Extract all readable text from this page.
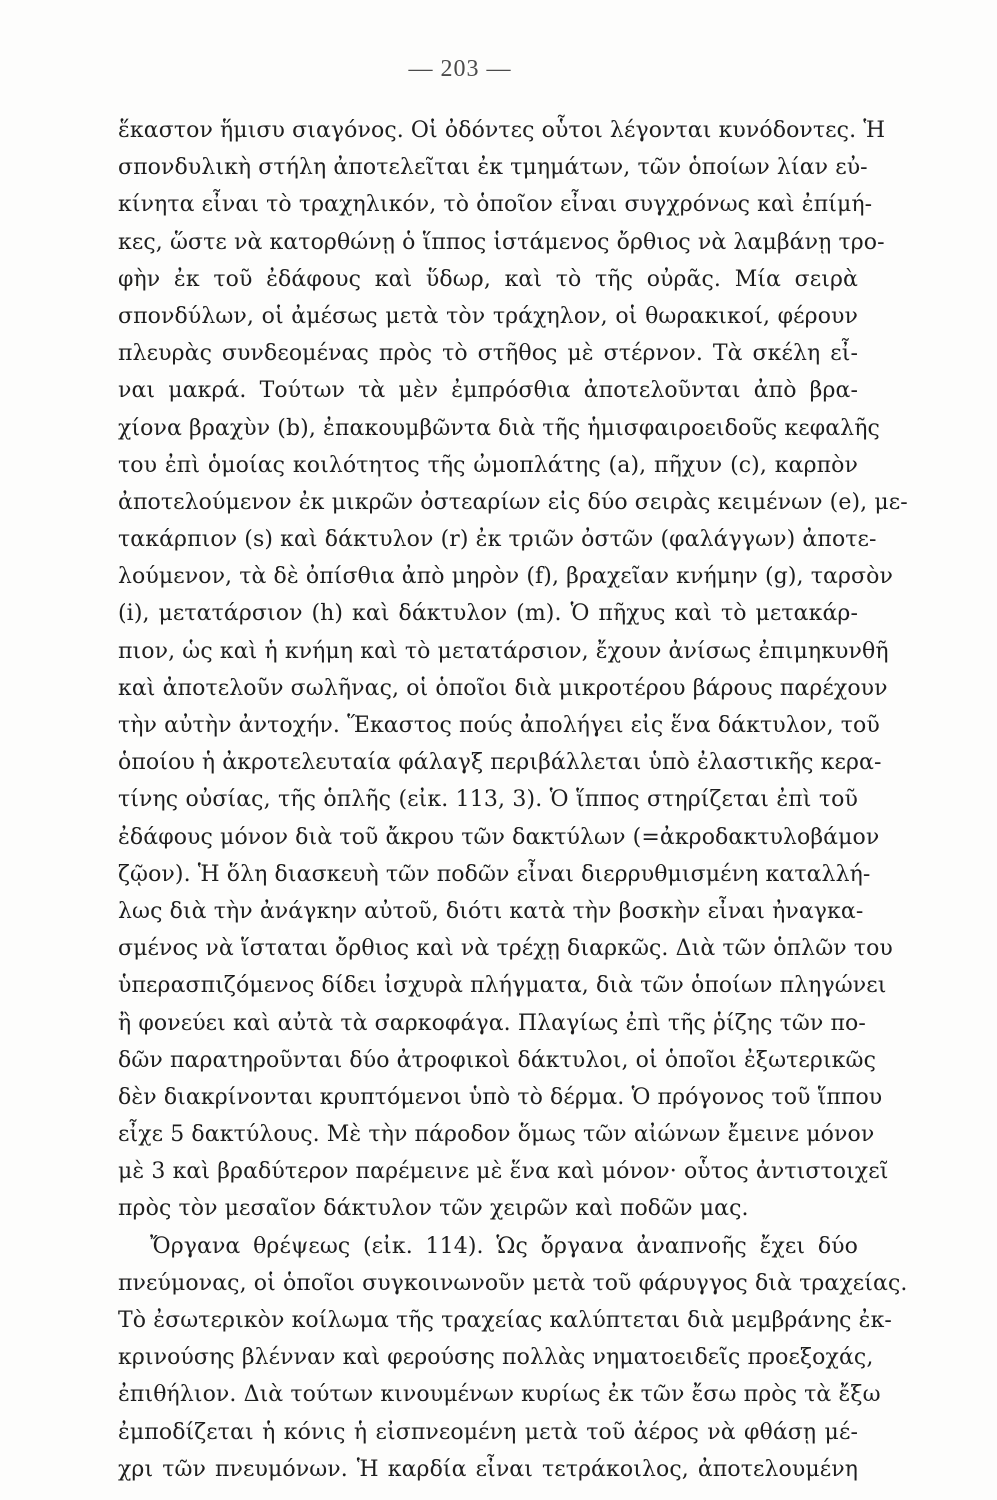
— 203 —
ἕκαστον ἥμισυ σιαγόνος. Οἱ ὀδόντες οὗτοι λέγονται κυνόδοντες. Ἡ
σπονδυλικὴ στήλη ἀποτελεῖται ἐκ τμημάτων, τῶν ὁποίων λίαν εὐ-
κίνητα εἶναι τὸ τραχηλικόν, τὸ ὁποῖον εἶναι συγχρόνως καὶ ἐπίμή-
κες, ὥστε νὰ κατορθώνῃ ὁ ἵππος ἱστάμενος ὄρθιος νὰ λαμβάνῃ τρο-
φὴν ἐκ τοῦ ἐδάφους καὶ ὕδωρ, καὶ τὸ τῆς οὐρᾶς. Μία σειρὰ
σπονδύλων, οἱ ἀμέσως μετὰ τὸν τράχηλον, οἱ θωρακικοί, φέρουν
πλευρὰς συνδεομένας πρὸς τὸ στῆθος μὲ στέρνον. Τὰ σκέλη εἶ-
ναι μακρά. Τούτων τὰ μὲν ἐμπρόσθια ἀποτελοῦνται ἀπὸ βρα-
χίονα βραχὺν (b), ἐπακουμβῶντα διὰ τῆς ἡμισφαιροειδοῦς κεφαλῆς
του ἐπὶ ὁμοίας κοιλότητος τῆς ὠμοπλάτης (a), πῆχυν (c), καρπὸν
ἀποτελούμενον ἐκ μικρῶν ὀστεαρίων εἰς δύο σειρὰς κειμένων (e), με-
τακάρπιον (s) καὶ δάκτυλον (r) ἐκ τριῶν ὀστῶν (φαλάγγων) ἀποτε-
λούμενον, τὰ δὲ ὀπίσθια ἀπὸ μηρὸν (f), βραχεῖαν κνήμην (g), ταρσὸν
(i), μετατάρσιον (h) καὶ δάκτυλον (m). Ὁ πῆχυς καὶ τὸ μετακάρ-
πιον, ὡς καὶ ἡ κνήμη καὶ τὸ μετατάρσιον, ἔχουν ἀνίσως ἐπιμηκυνθῆ
καὶ ἀποτελοῦν σωλῆνας, οἱ ὁποῖοι διὰ μικροτέρου βάρους παρέχουν
τὴν αὐτὴν ἀντοχήν. Ἕκαστος πούς ἀπολήγει εἰς ἕνα δάκτυλον, τοῦ
ὁποίου ἡ ἀκροτελευταία φάλαγξ περιβάλλεται ὑπὸ ἐλαστικῆς κερα-
τίνης οὐσίας, τῆς ὁπλῆς (εἰκ. 113, 3). Ὁ ἵππος στηρίζεται ἐπὶ τοῦ
ἐδάφους μόνον διὰ τοῦ ἄκρου τῶν δακτύλων (=ἀκροδακτυλοβάμον
ζῷον). Ἡ ὅλη διασκευὴ τῶν ποδῶν εἶναι διερρυθμισμένη καταλλή-
λως διὰ τὴν ἀνάγκην αὐτοῦ, διότι κατὰ τὴν βοσκὴν εἶναι ἠναγκα-
σμένος νὰ ἵσταται ὄρθιος καὶ νὰ τρέχῃ διαρκῶς. Διὰ τῶν ὁπλῶν του
ὑπερασπιζόμενος δίδει ἰσχυρὰ πλήγματα, διὰ τῶν ὁποίων πληγώνει
ἢ φονεύει καὶ αὐτὰ τὰ σαρκοφάγα. Πλαγίως ἐπὶ τῆς ῥίζης τῶν πο-
δῶν παρατηροῦνται δύο ἀτροφικοὶ δάκτυλοι, οἱ ὁποῖοι ἐξωτερικῶς
δὲν διακρίνονται κρυπτόμενοι ὑπὸ τὸ δέρμα. Ὁ πρόγονος τοῦ ἵππου
εἶχε 5 δακτύλους. Μὲ τὴν πάροδον ὅμως τῶν αἰώνων ἔμεινε μόνον
μὲ 3 καὶ βραδύτερον παρέμεινε μὲ ἕνα καὶ μόνον· οὗτος ἀντιστοιχεῖ
πρὸς τὸν μεσαῖον δάκτυλον τῶν χειρῶν καὶ ποδῶν μας.
Ὄργανα θρέψεως (εἰκ. 114). Ὡς ὄργανα ἀναπνοῆς ἔχει δύο
πνεύμονας, οἱ ὁποῖοι συγκοινωνοῦν μετὰ τοῦ φάρυγγος διὰ τραχείας.
Τὸ ἐσωτερικὸν κοίλωμα τῆς τραχείας καλύπτεται διὰ μεμβράνης ἐκ-
κρινούσης βλένναν καὶ φερούσης πολλὰς νηματοειδεῖς προεξοχάς,
ἐπιθήλιον. Διὰ τούτων κινουμένων κυρίως ἐκ τῶν ἔσω πρὸς τὰ ἔξω
ἐμποδίζεται ἡ κόνις ἡ εἰσπνεομένη μετὰ τοῦ ἀέρος νὰ φθάσῃ μέ-
χρι τῶν πνευμόνων. Ἡ καρδία εἶναι τετράκοιλος, ἀποτελουμένη
